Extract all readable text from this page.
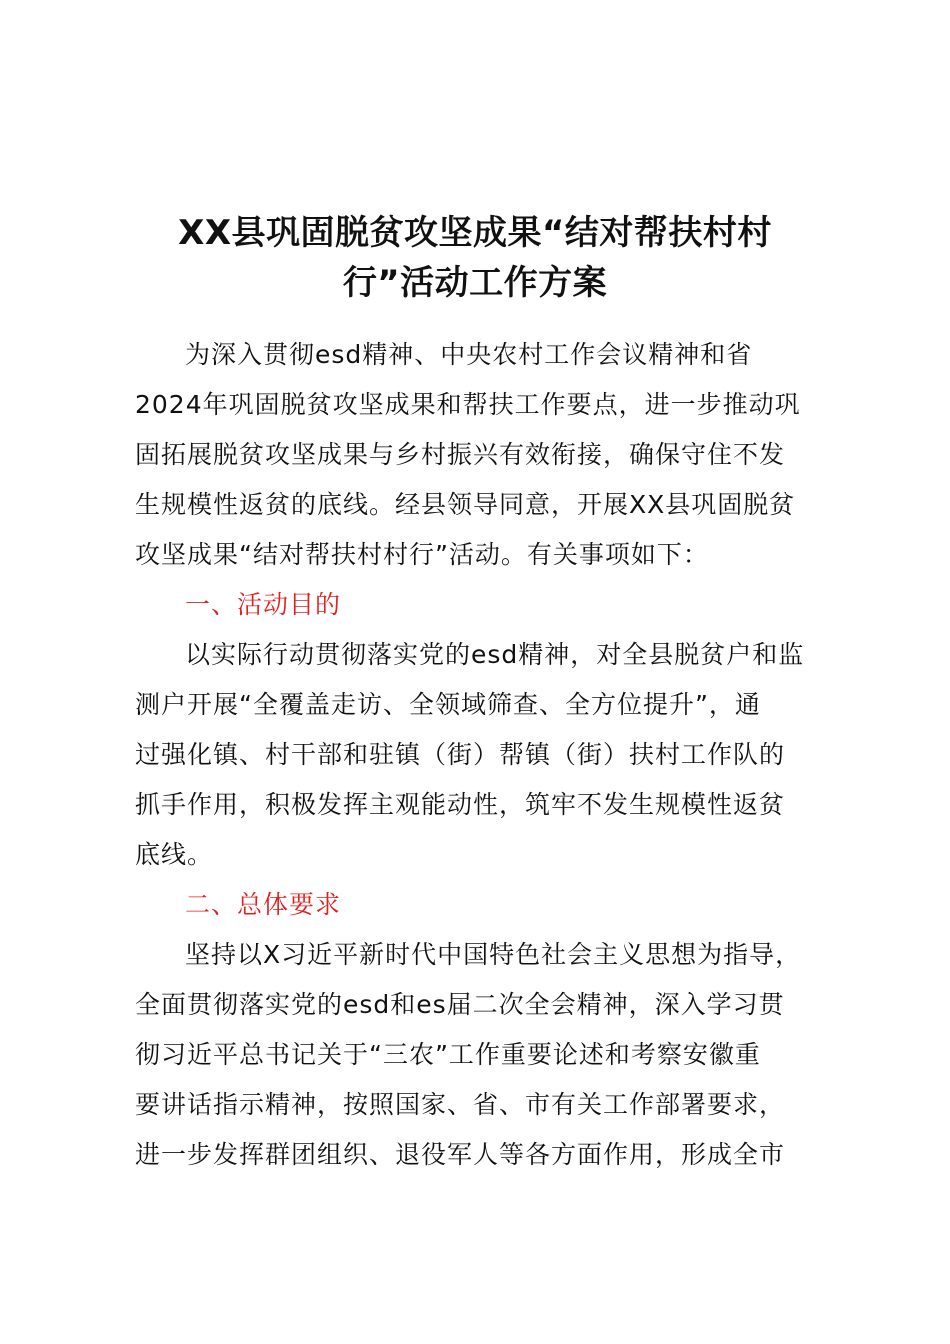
XX县巩固脱贫攻坚成果“结对帮扶村村
行”活动工作方案
为深入贯彻esd精神、中央农村工作会议精神和省
2024年巩固脱贫攻坚成果和帮扶工作要点，进一步推动巩
固拓展脱贫攻坚成果与乡村振兴有效衔接，确保守住不发
生规模性返贫的底线。经县领导同意，开展XX县巩固脱贫
攻坚成果“结对帮扶村村行”活动。有关事项如下：
一、活动目的
以实际行动贯彻落实党的esd精神，对全县脱贫户和监
测户开展“全覆盖走访、全领域筛查、全方位提升”，通
过强化镇、村干部和驻镇（街）帮镇（街）扶村工作队的
抓手作用，积极发挥主观能动性，筑牢不发生规模性返贫
底线。
二、总体要求
坚持以X习近平新时代中国特色社会主义思想为指导，
全面贯彻落实党的esd和es届二次全会精神，深入学习贯
彻习近平总书记关于“三农”工作重要论述和考察安徽重
要讲话指示精神，按照国家、省、市有关工作部署要求，
进一步发挥群团组织、退役军人等各方面作用，形成全市
